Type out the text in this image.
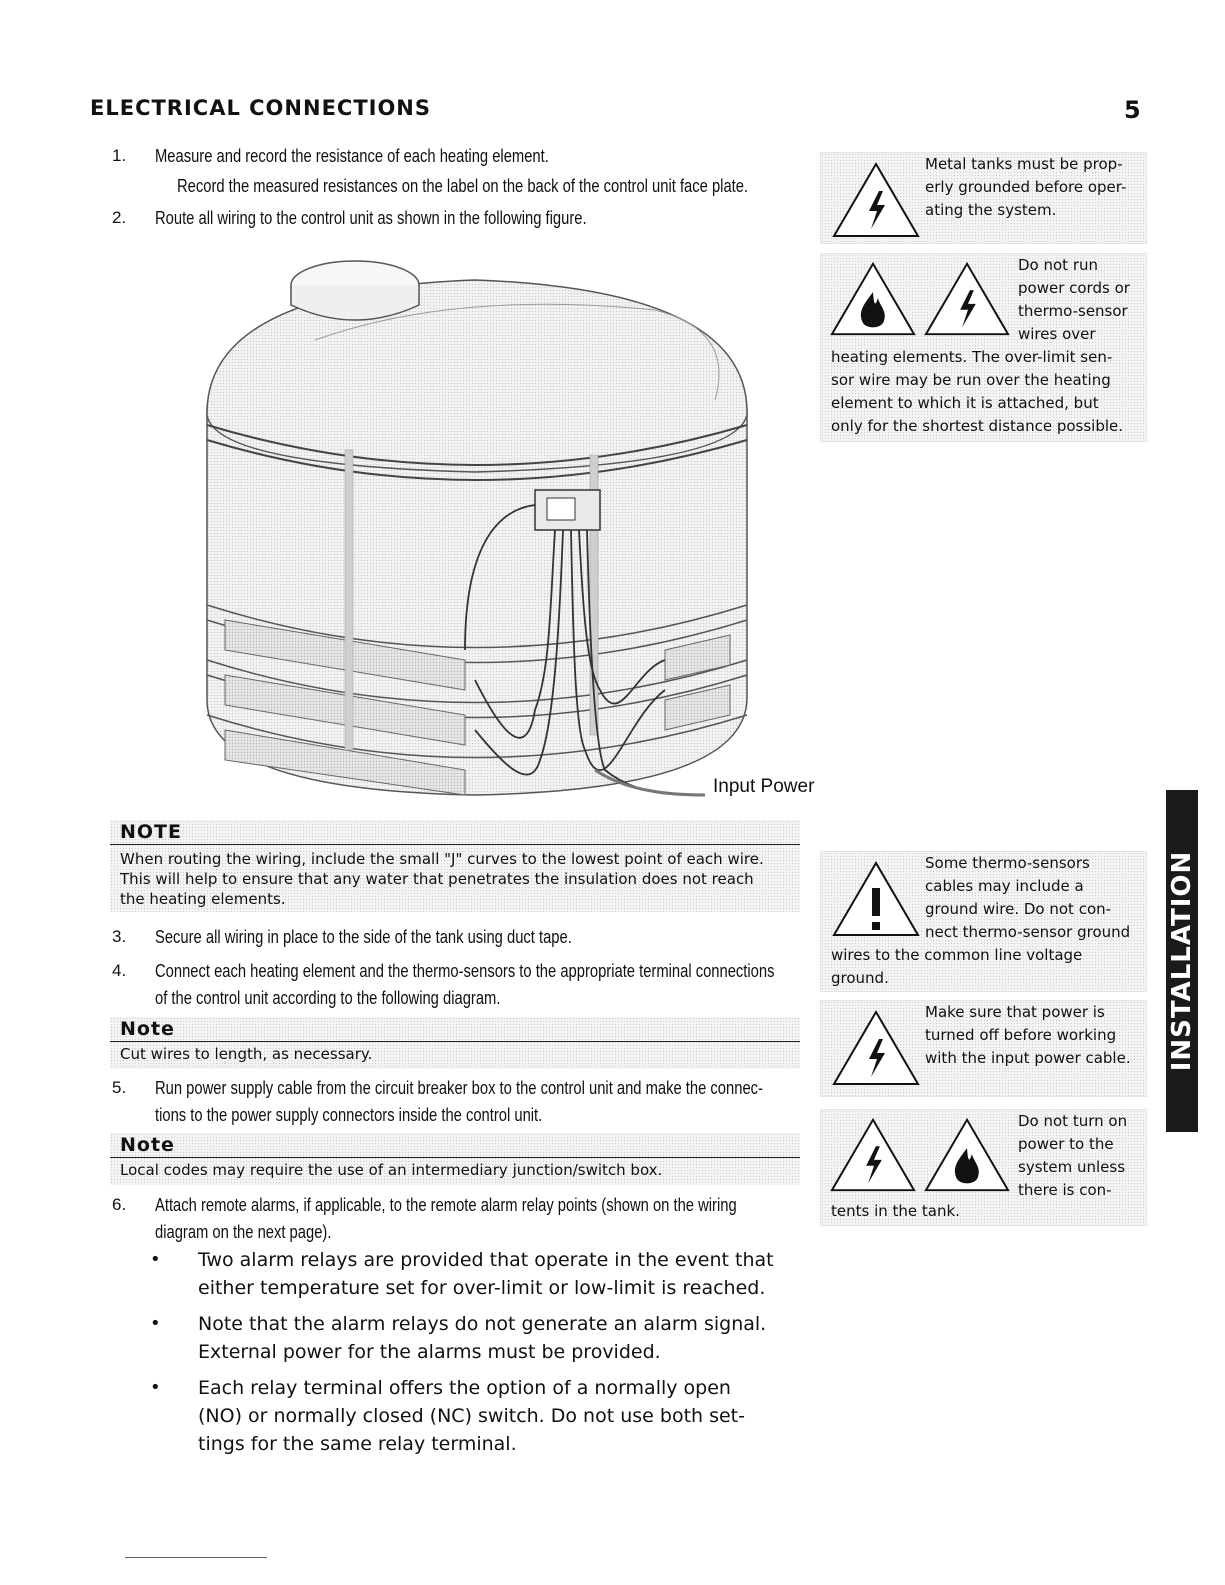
ELECTRICAL CONNECTIONS	5
1. Measure and record the resistance of each heating element.
Record the measured resistances on the label on the back of the control unit face plate.
2. Route all wiring to the control unit as shown in the following figure.
Input Power
NOTE
When routing the wiring, include the small "J" curves to the lowest point of each wire.
This will help to ensure that any water that penetrates the insulation does not reach
the heating elements.
3. Secure all wiring in place to the side of the tank using duct tape.
4. Connect each heating element and the thermo-sensors to the appropriate terminal connections
of the control unit according to the following diagram.
Note
Cut wires to length, as necessary.
5. Run power supply cable from the circuit breaker box to the control unit and make the connec-
tions to the power supply connectors inside the control unit.
Note
Local codes may require the use of an intermediary junction/switch box.
6. Attach remote alarms, if applicable, to the remote alarm relay points (shown on the wiring
diagram on the next page).
• Two alarm relays are provided that operate in the event that
either temperature set for over-limit or low-limit is reached.
• Note that the alarm relays do not generate an alarm signal.
External power for the alarms must be provided.
• Each relay terminal offers the option of a normally open
(NO) or normally closed (NC) switch. Do not use both set-
tings for the same relay terminal.
Metal tanks must be prop-
erly grounded before oper-
ating the system.
Do not run
power cords or
thermo-sensor
wires over
heating elements. The over-limit sen-
sor wire may be run over the heating
element to which it is attached, but
only for the shortest distance possible.
Some thermo-sensors
cables may include a
ground wire. Do not con-
nect thermo-sensor ground
wires to the common line voltage
ground.
Make sure that power is
turned off before working
with the input power cable.
Do not turn on
power to the
system unless
there is con-
tents in the tank.
INSTALLATION
